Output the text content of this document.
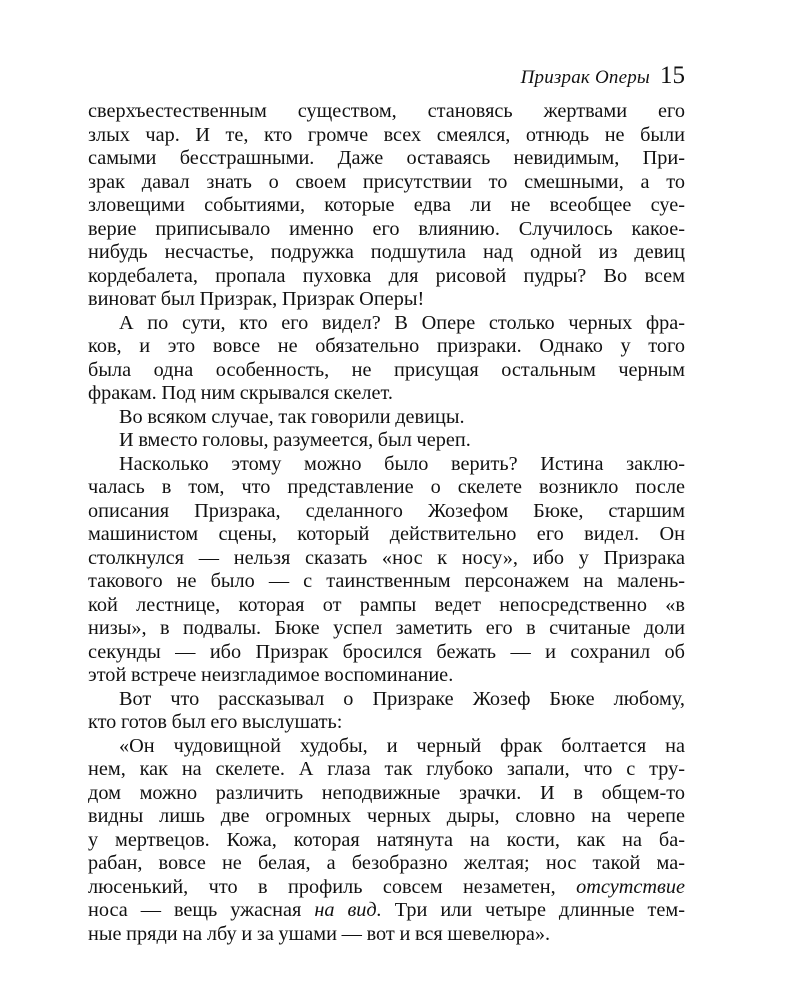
Призрак Оперы 15
сверхъестественным существом, становясь жертвами его
злых чар. И те, кто громче всех смеялся, отнюдь не были
самыми бесстрашными. Даже оставаясь невидимым, При-
зрак давал знать о своем присутствии то смешными, а то
зловещими событиями, которые едва ли не всеобщее суе-
верие приписывало именно его влиянию. Случилось какое-
нибудь несчастье, подружка подшутила над одной из девиц
кордебалета, пропала пуховка для рисовой пудры? Во всем
виноват был Призрак, Призрак Оперы!
А по сути, кто его видел? В Опере столько черных фра-
ков, и это вовсе не обязательно призраки. Однако у того
была одна особенность, не присущая остальным черным
фракам. Под ним скрывался скелет.
Во всяком случае, так говорили девицы.
И вместо головы, разумеется, был череп.
Насколько этому можно было верить? Истина заклю-
чалась в том, что представление о скелете возникло после
описания Призрака, сделанного Жозефом Бюке, старшим
машинистом сцены, который действительно его видел. Он
столкнулся — нельзя сказать «нос к носу», ибо у Призрака
такового не было — с таинственным персонажем на малень-
кой лестнице, которая от рампы ведет непосредственно «в
низы», в подвалы. Бюке успел заметить его в считаные доли
секунды — ибо Призрак бросился бежать — и сохранил об
этой встрече неизгладимое воспоминание.
Вот что рассказывал о Призраке Жозеф Бюке любому,
кто готов был его выслушать:
«Он чудовищной худобы, и черный фрак болтается на
нем, как на скелете. А глаза так глубоко запали, что с тру-
дом можно различить неподвижные зрачки. И в общем-то
видны лишь две огромных черных дыры, словно на черепе
у мертвецов. Кожа, которая натянута на кости, как на ба-
рабан, вовсе не белая, а безобразно желтая; нос такой ма-
люсенький, что в профиль совсем незаметен, отсутствие
носа — вещь ужасная на вид. Три или четыре длинные тем-
ные пряди на лбу и за ушами — вот и вся шевелюра».
